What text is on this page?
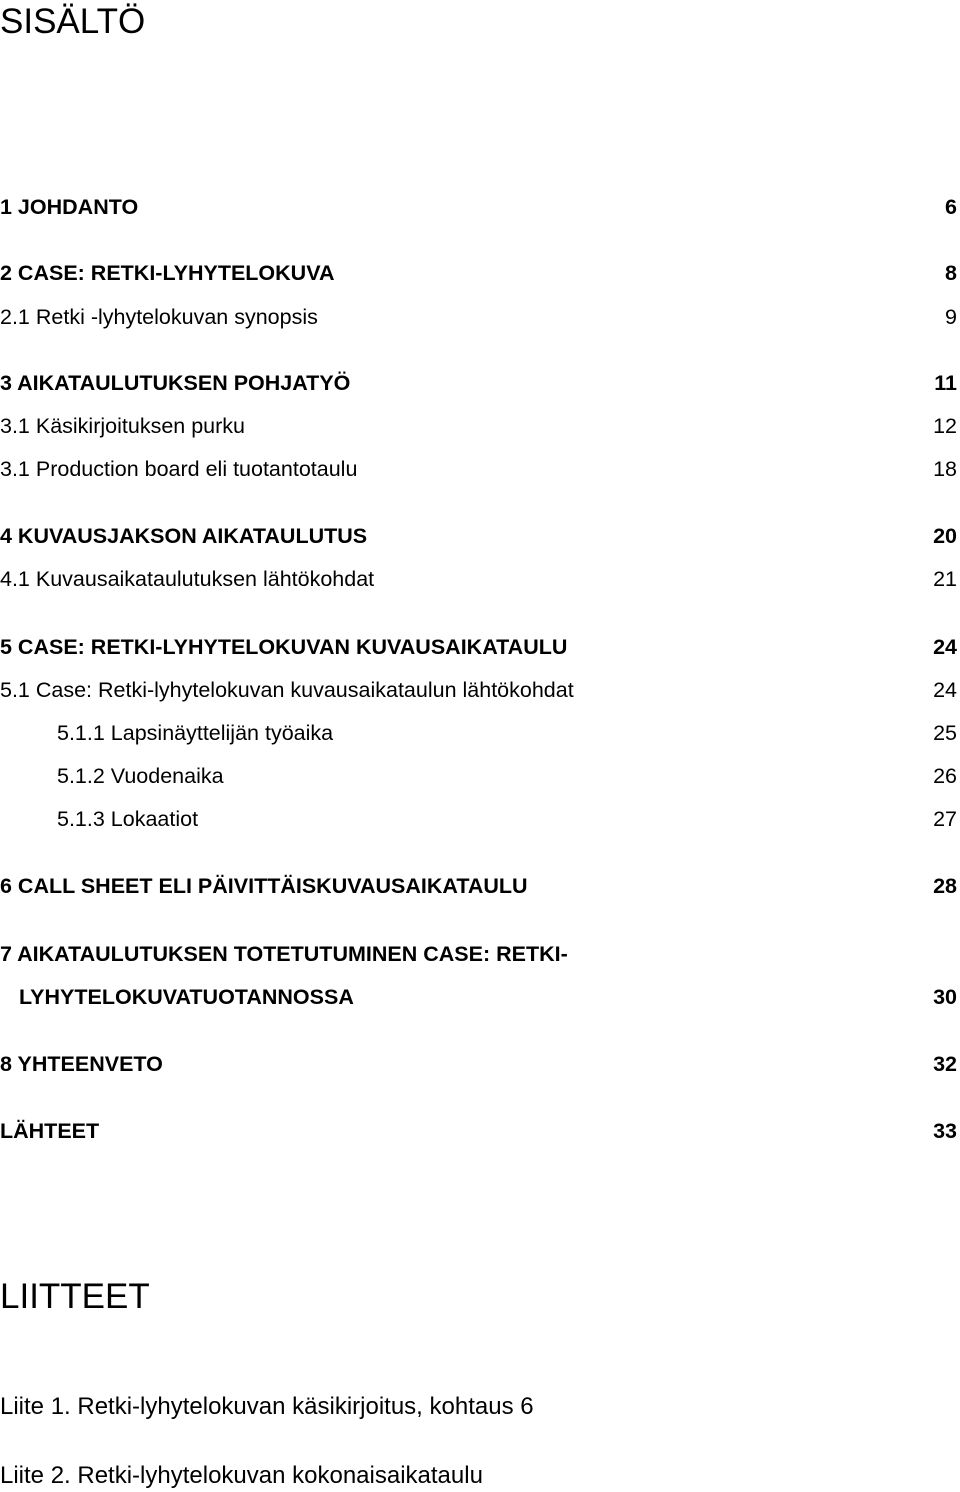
SISÄLTÖ
1 JOHDANTO	6
2 CASE: RETKI-LYHYTELOKUVA	8
2.1 Retki -lyhytelokuvan synopsis	9
3 AIKATAULUTUKSEN POHJATYÖ	11
3.1 Käsikirjoituksen purku	12
3.1 Production board eli tuotantotaulu	18
4 KUVAUSJAKSON AIKATAULUTUS	20
4.1 Kuvausaikataulutuksen lähtökohdat	21
5 CASE: RETKI-LYHYTELOKUVAN KUVAUSAIKATAULU	24
5.1 Case: Retki-lyhytelokuvan kuvausaikataulun lähtökohdat	24
5.1.1 Lapsinäyttelijän työaika	25
5.1.2 Vuodenaika	26
5.1.3 Lokaatiot	27
6 CALL SHEET ELI PÄIVITTÄISKUVAUSAIKATAULU	28
7 AIKATAULUTUKSEN TOTETUTUMINEN CASE: RETKI-
LYHYTELOKUVATUOTANNOSSA	30
8 YHTEENVETO	32
LÄHTEET	33
LIITTEET
Liite 1. Retki-lyhytelokuvan käsikirjoitus, kohtaus 6
Liite 2. Retki-lyhytelokuvan kokonaisaikataulu
